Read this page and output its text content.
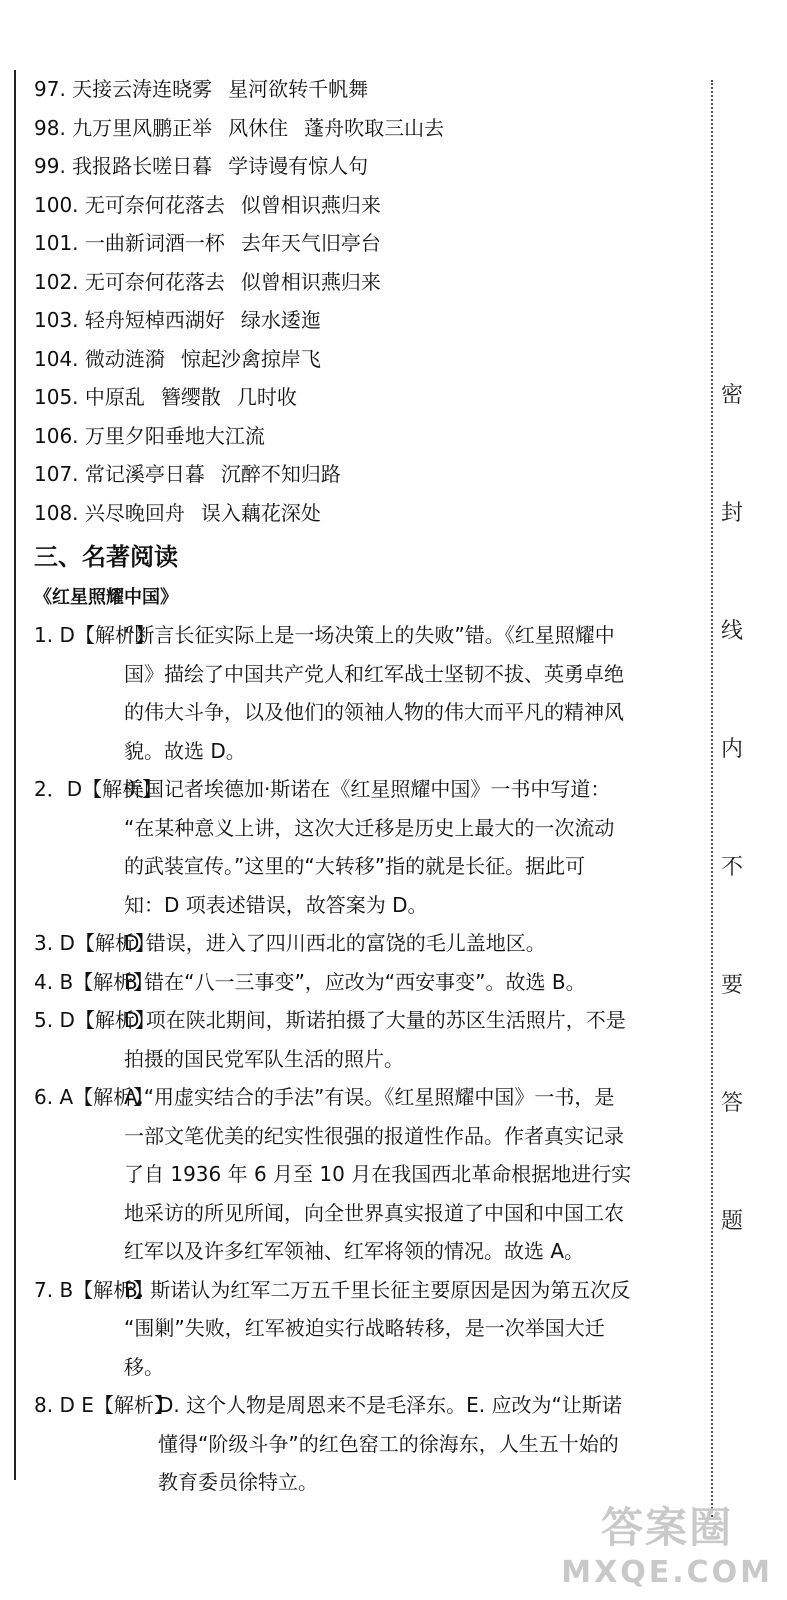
密
封
线
内
不
要
答
题
97. 天接云涛连晓雾 星河欲转千帆舞
98. 九万里风鹏正举 风休住 蓬舟吹取三山去
99. 我报路长嗟日暮 学诗谩有惊人句
100. 无可奈何花落去 似曾相识燕归来
101. 一曲新词酒一杯 去年天气旧亭台
102. 无可奈何花落去 似曾相识燕归来
103. 轻舟短棹西湖好 绿水逶迤
104. 微动涟漪 惊起沙禽掠岸飞
105. 中原乱 簪缨散 几时收
106. 万里夕阳垂地大江流
107. 常记溪亭日暮 沉醉不知归路
108. 兴尽晚回舟 误入藕花深处
三、名著阅读
《红星照耀中国》
1. D【解析】
“断言长征实际上是一场决策上的失败”错。《红星照耀中
国》描绘了中国共产党人和红军战士坚韧不拔、英勇卓绝
的伟大斗争，以及他们的领袖人物的伟大而平凡的精神风
貌。故选 D。
2．D【解析】
美国记者埃德加·斯诺在《红星照耀中国》一书中写道：
“在某种意义上讲，这次大迁移是历史上最大的一次流动
的武装宣传。”这里的“大转移”指的就是长征。据此可
知：D 项表述错误，故答案为 D。
3. D【解析】
D 错误，进入了四川西北的富饶的毛儿盖地区。
4. B【解析】
B 错在“八一三事变”，应改为“西安事变”。故选 B。
5. D【解析】
D 项在陕北期间，斯诺拍摄了大量的苏区生活照片，不是
拍摄的国民党军队生活的照片。
6. A【解析】
A.“用虚实结合的手法”有误。《红星照耀中国》一书，是
一部文笔优美的纪实性很强的报道性作品。作者真实记录
了自 1936 年 6 月至 10 月在我国西北革命根据地进行实
地采访的所见所闻，向全世界真实报道了中国和中国工农
红军以及许多红军领袖、红军将领的情况。故选 A。
7. B【解析】
B. 斯诺认为红军二万五千里长征主要原因是因为第五次反
“围剿”失败，红军被迫实行战略转移，是一次举国大迁
移。
8. D E【解析】
D. 这个人物是周恩来不是毛泽东。E. 应改为“让斯诺
懂得“阶级斗争”的红色窑工的徐海东，人生五十始的
教育委员徐特立。
答案圈
MXQE.COM
